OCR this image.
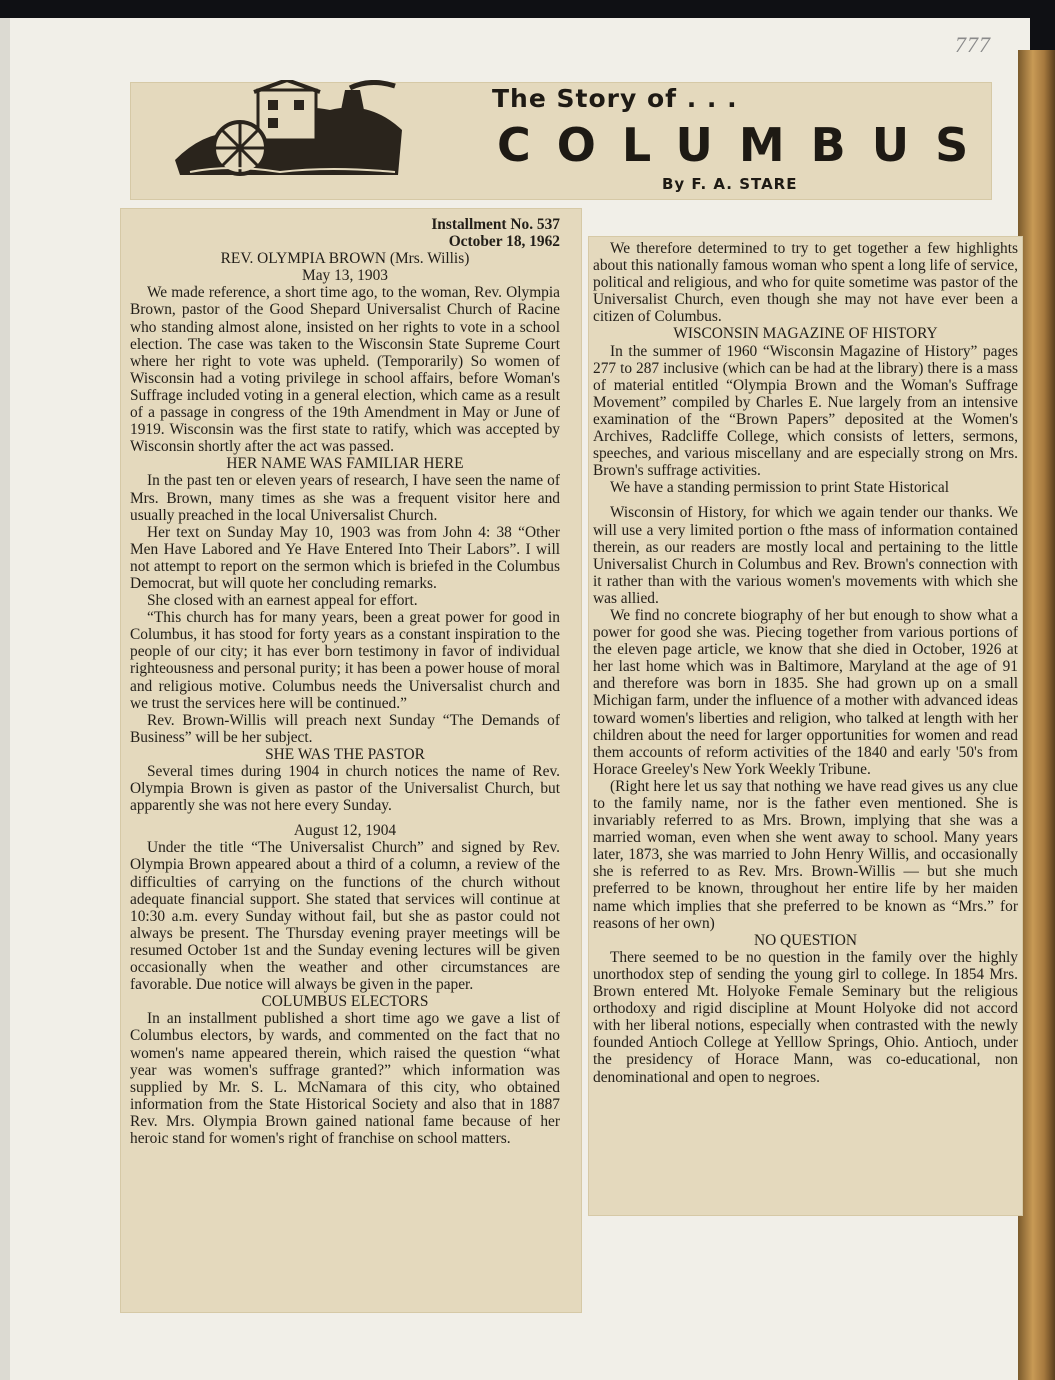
777
The Story of . . .
COLUMBUS
By F. A. STARE

Installment No. 537

October 18, 1962

REV. OLYMPIA BROWN (Mrs. Willis)

May 13, 1903

We made reference, a short time ago, to the woman, Rev. Olympia Brown, pastor of the Good Shepard Universalist Church of Racine who standing almost alone, insisted on her rights to vote in a school election. The case was taken to the Wisconsin State Supreme Court where her right to vote was upheld. (Temporarily) So women of Wisconsin had a voting privilege in school affairs, before Woman's Suffrage included voting in a general election, which came as a result of a passage in congress of the 19th Amendment in May or June of 1919. Wisconsin was the first state to ratify, which was accepted by Wisconsin shortly after the act was passed.

HER NAME WAS FAMILIAR HERE

In the past ten or eleven years of research, I have seen the name of Mrs. Brown, many times as she was a frequent visitor here and usually preached in the local Universalist Church.

Her text on Sunday May 10, 1903 was from John 4: 38 “Other Men Have Labored and Ye Have Entered Into Their Labors”. I will not attempt to report on the sermon which is briefed in the Columbus Democrat, but will quote her concluding remarks.

She closed with an earnest appeal for effort.

“This church has for many years, been a great power for good in Columbus, it has stood for forty years as a constant inspiration to the people of our city; it has ever born testimony in favor of individual righteousness and personal purity; it has been a power house of moral and religious motive. Columbus needs the Universalist church and we trust the services here will be continued.”

Rev. Brown-Willis will preach next Sunday “The Demands of Business” will be her subject.

SHE WAS THE PASTOR

Several times during 1904 in church notices the name of Rev. Olympia Brown is given as pastor of the Universalist Church, but apparently she was not here every Sunday.

August 12, 1904

Under the title “The Universalist Church” and signed by Rev. Olympia Brown appeared about a third of a column, a review of the difficulties of carrying on the functions of the church without adequate financial support. She stated that services will continue at 10:30 a.m. every Sunday without fail, but she as pastor could not always be present. The Thursday evening prayer meetings will be resumed October 1st and the Sunday evening lectures will be given occasionally when the weather and other circumstances are favorable. Due notice will always be given in the paper.

COLUMBUS ELECTORS

In an installment published a short time ago we gave a list of Columbus electors, by wards, and commented on the fact that no women's name appeared therein, which raised the question “what year was women's suffrage granted?” which information was supplied by Mr. S. L. McNamara of this city, who obtained information from the State Historical Society and also that in 1887 Rev. Mrs. Olympia Brown gained national fame because of her heroic stand for women's right of franchise on school matters.

We therefore determined to try to get together a few highlights about this nationally famous woman who spent a long life of service, political and religious, and who for quite sometime was pastor of the Universalist Church, even though she may not have ever been a citizen of Columbus.

WISCONSIN MAGAZINE OF HISTORY

In the summer of 1960 “Wisconsin Magazine of History” pages 277 to 287 inclusive (which can be had at the library) there is a mass of material entitled “Olympia Brown and the Woman's Suffrage Movement” compiled by Charles E. Nue largely from an intensive examination of the “Brown Papers” deposited at the Women's Archives, Radcliffe College, which consists of letters, sermons, speeches, and various miscellany and are especially strong on Mrs. Brown's suffrage activities.

We have a standing permission to print State Historical

Wisconsin of History, for which we again tender our thanks. We will use a very limited portion o fthe mass of information contained therein, as our readers are mostly local and pertaining to the little Universalist Church in Columbus and Rev. Brown's connection with it rather than with the various women's movements with which she was allied.

We find no concrete biography of her but enough to show what a power for good she was. Piecing together from various portions of the eleven page article, we know that she died in October, 1926 at her last home which was in Baltimore, Maryland at the age of 91 and therefore was born in 1835. She had grown up on a small Michigan farm, under the influence of a mother with advanced ideas toward women's liberties and religion, who talked at length with her children about the need for larger opportunities for women and read them accounts of reform activities of the 1840 and early '50's from Horace Greeley's New York Weekly Tribune.

(Right here let us say that nothing we have read gives us any clue to the family name, nor is the father even mentioned. She is invariably referred to as Mrs. Brown, implying that she was a married woman, even when she went away to school. Many years later, 1873, she was married to John Henry Willis, and occasionally she is referred to as Rev. Mrs. Brown-Willis — but she much preferred to be known, throughout her entire life by her maiden name which implies that she preferred to be known as “Mrs.” for reasons of her own)

NO QUESTION

There seemed to be no question in the family over the highly unorthodox step of sending the young girl to college. In 1854 Mrs. Brown entered Mt. Holyoke Female Seminary but the religious orthodoxy and rigid discipline at Mount Holyoke did not accord with her liberal notions, especially when contrasted with the newly founded Antioch College at Yelllow Springs, Ohio. Antioch, under the presidency of Horace Mann, was co-educational, non denominational and open to negroes.
